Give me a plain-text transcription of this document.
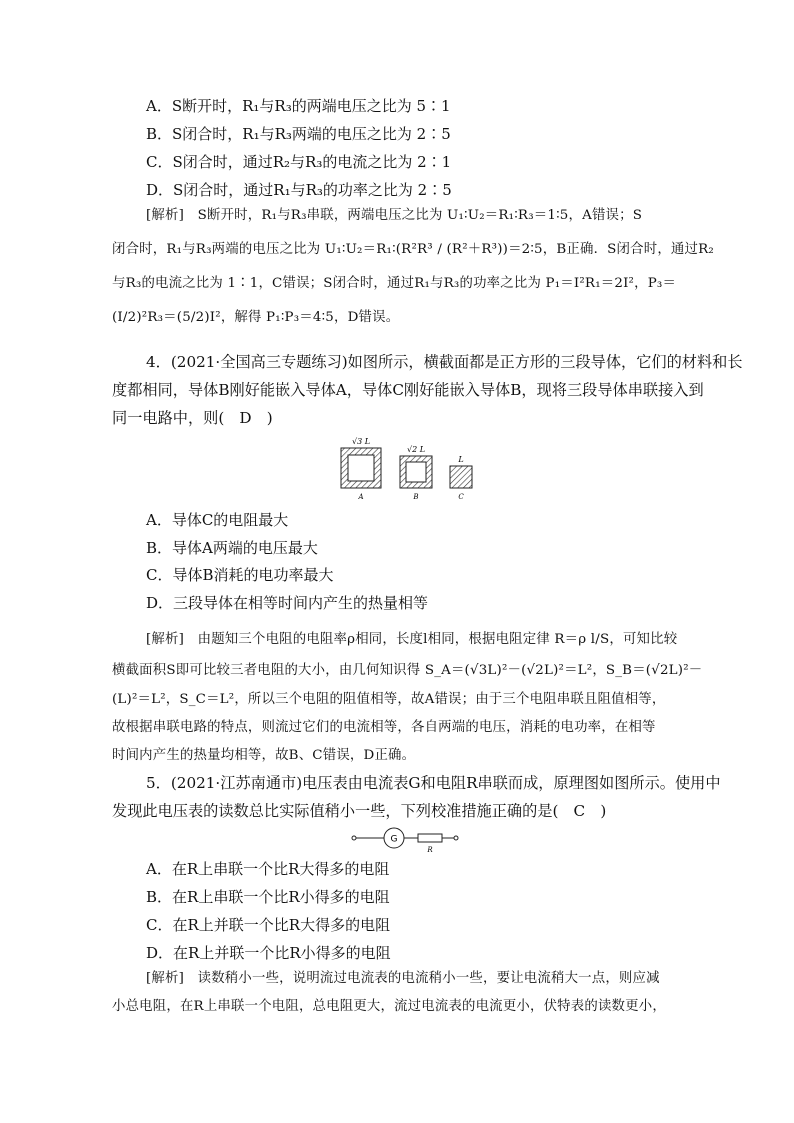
A．S断开时，R₁与R₃的两端电压之比为 5∶1
B．S闭合时，R₁与R₃两端的电压之比为 2∶5
C．S闭合时，通过R₂与R₃的电流之比为 2∶1
D．S闭合时，通过R₁与R₃的功率之比为 2∶5
[解析]　S断开时，R₁与R₃串联，两端电压之比为 U₁∶U₂＝R₁∶R₃＝1∶5，A错误；S
闭合时，R₁与R₃两端的电压之比为 U₁∶U₂＝R₁∶(R²R³ / (R²＋R³))＝2∶5，B正确．S闭合时，通过R₂
与R₃的电流之比为 1∶1，C错误；S闭合时，通过R₁与R₃的功率之比为 P₁＝I²R₁＝2I²，P₃＝
(I/2)²R₃＝(5/2)I²，解得 P₁∶P₃＝4∶5，D错误。
4．(2021·全国高三专题练习)如图所示，横截面都是正方形的三段导体，它们的材料和长
度都相同，导体B刚好能嵌入导体A，导体C刚好能嵌入导体B，现将三段导体串联接入到
同一电路中，则(　D　)
√3 L
A
√2 L
B
L
C
A．导体C的电阻最大
B．导体A两端的电压最大
C．导体B消耗的电功率最大
D．三段导体在相等时间内产生的热量相等
[解析]　由题知三个电阻的电阻率ρ相同，长度l相同，根据电阻定律 R＝ρ l/S，可知比较
横截面积S即可比较三者电阻的大小，由几何知识得 S_A＝(√3L)²－(√2L)²＝L²，S_B＝(√2L)²－
(L)²＝L²，S_C＝L²，所以三个电阻的阻值相等，故A错误；由于三个电阻串联且阻值相等，
故根据串联电路的特点，则流过它们的电流相等，各自两端的电压，消耗的电功率，在相等
时间内产生的热量均相等，故B、C错误，D正确。
5．(2021·江苏南通市)电压表由电流表G和电阻R串联而成，原理图如图所示。使用中
发现此电压表的读数总比实际值稍小一些，下列校准措施正确的是(　C　)
G
R
A．在R上串联一个比R大得多的电阻
B．在R上串联一个比R小得多的电阻
C．在R上并联一个比R大得多的电阻
D．在R上并联一个比R小得多的电阻
[解析]　读数稍小一些，说明流过电流表的电流稍小一些，要让电流稍大一点，则应减
小总电阻，在R上串联一个电阻，总电阻更大，流过电流表的电流更小，伏特表的读数更小，
